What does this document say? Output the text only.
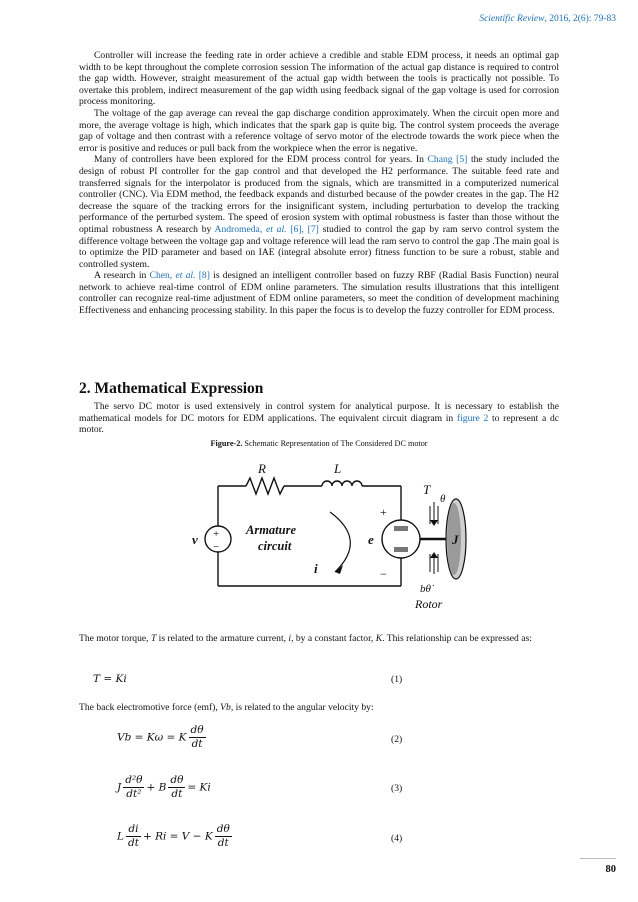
Scientific Review, 2016, 2(6): 79-83

Controller will increase the feeding rate in order achieve a credible and stable EDM process, it needs an optimal gap width to be kept throughout the complete corrosion session The information of the actual gap distance is required to control the gap width. However, straight measurement of the actual gap width between the tools is practically not possible. To overtake this problem, indirect measurement of the gap width using feedback signal of the gap voltage is used for corrosion process monitoring.

The voltage of the gap average can reveal the gap discharge condition approximately. When the circuit open more and more, the average voltage is high, which indicates that the spark gap is quite big. The control system proceeds the average gap of voltage and then contrast with a reference voltage of servo motor of the electrode towards the work piece when the error is positive and reduces or pull back from the workpiece when the error is negative.

Many of controllers have been explored for the EDM process control for years. In Chang [5] the study included the design of robust PI controller for the gap control and that developed the H2 performance. The suitable feed rate and transferred signals for the interpolator is produced from the signals, which are transmitted in a computerized numerical controller (CNC). Via EDM method, the feedback expands and disturbed because of the powder creates in the gap. The H2 decrease the square of the tracking errors for the insignificant system, including perturbation to develop the tracking performance of the perturbed system. The speed of erosion system with optimal robustness is faster than those without the optimal robustness A research by Andromeda, et al. [6], [7] studied to control the gap by ram servo control system the difference voltage between the voltage gap and voltage reference will lead the ram servo to control the gap .The main goal is to optimize the PID parameter and based on IAE (integral absolute error) fitness function to be sure a robust, stable and controlled system.

A research in Chen, et al. [8] is designed an intelligent controller based on fuzzy RBF (Radial Basis Function) neural network to achieve real-time control of EDM online parameters. The simulation results illustrations that this intelligent controller can recognize real-time adjustment of EDM online parameters, so meet the condition of development machining Effectiveness and enhancing processing stability. In this paper the focus is to develop the fuzzy controller for EDM process.

2. Mathematical Expression

The servo DC motor is used extensively in control system for analytical purpose. It is necessary to establish the mathematical models for DC motors for EDM applications. The equivalent circuit diagram in figure 2 to represent a dc motor.

Figure-2. Schematic Representation of The Considered DC motor
R	L
v +
−
Armature
circuit
i
e
+
−
T
θ
J
bθ̇
Rotor

The motor torque, T is related to the armature current, i, by a constant factor, K. This relationship can be expressed as:

T = Ki	(1)

The back electromotive force (emf), Vb, is related to the angular velocity by:

Vb = Kω = K $\frac{d\theta}{dt}$	(2)
J $\frac{\text{d²θ}}{\text{dt²}} + B \frac{d\theta}{dt} = Ki$	(3)
L $\frac{di}{dt} + Ri = V - K \frac{d\theta}{dt}$	(4)
80
